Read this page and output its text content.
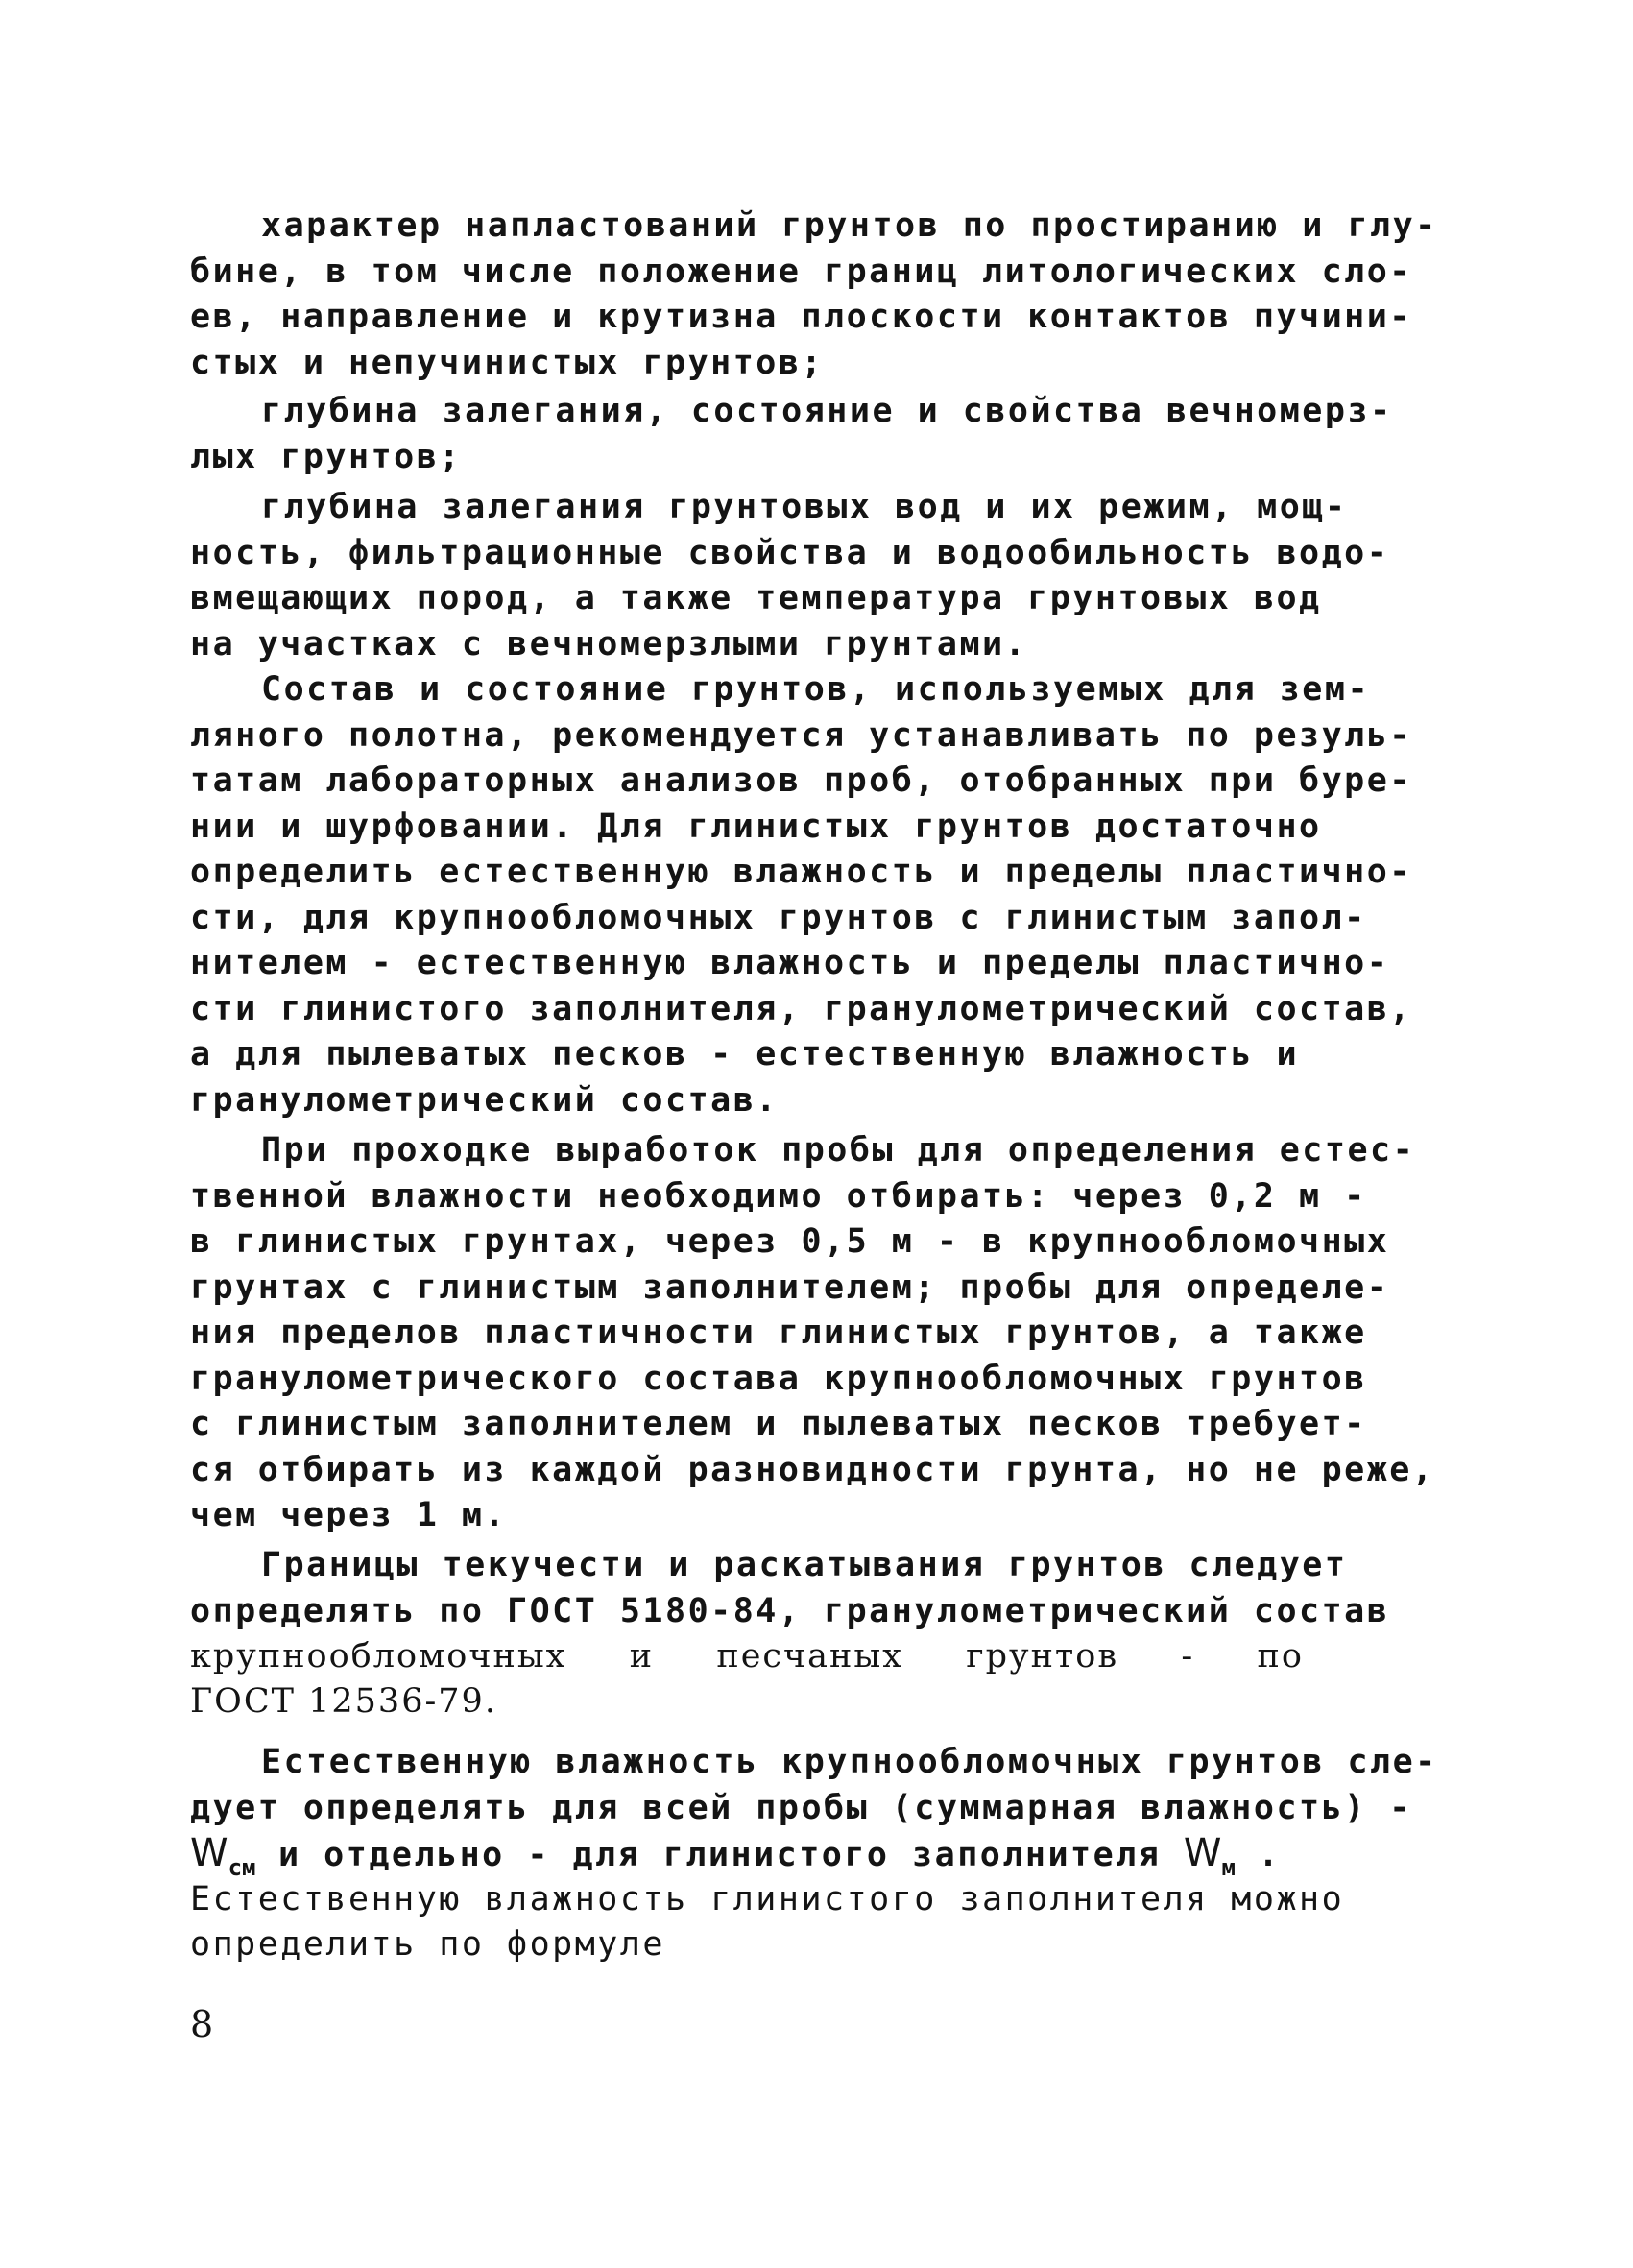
характер напластований грунтов по простиранию и глу-
бине, в том числе положение границ литологических сло-
ев, направление и крутизна плоскости контактов пучини-
стых и непучинистых грунтов;
глубина залегания, состояние и свойства вечномерз-
лых грунтов;
глубина залегания грунтовых вод и их режим, мощ-
ность, фильтрационные свойства и водообильность водо-
вмещающих пород, а также температура грунтовых вод
на участках с вечномерзлыми грунтами.
Состав и состояние грунтов, используемых для зем-
ляного полотна, рекомендуется устанавливать по резуль-
татам лабораторных анализов проб, отобранных при буре-
нии и шурфовании. Для глинистых грунтов достаточно
определить естественную влажность и пределы пластично-
сти, для крупнообломочных грунтов с глинистым запол-
нителем - естественную влажность и пределы пластично-
сти глинистого заполнителя, гранулометрический состав,
а для пылеватых песков - естественную влажность и
гранулометрический состав.
При проходке выработок пробы для определения естес-
твенной влажности необходимо отбирать: через 0,2 м -
в глинистых грунтах, через 0,5 м - в крупнообломочных
грунтах с глинистым заполнителем; пробы для определе-
ния пределов пластичности глинистых грунтов, а также
гранулометрического состава крупнообломочных грунтов
с глинистым заполнителем и пылеватых песков требует-
ся отбирать из каждой разновидности грунта, но не реже,
чем через 1 м.
Границы текучести и раскатывания грунтов следует
определять по ГОСТ 5180-84, гранулометрический состав
крупнообломочных и песчаных грунтов - по
ГОСТ 12536-79.
Естественную влажность крупнообломочных грунтов сле-
дует определять для всей пробы (суммарная влажность) -
$W_{см}$ и отдельно - для глинистого заполнителя $W_м$ .
Естественную влажность глинистого заполнителя можно
определить по формуле
8
